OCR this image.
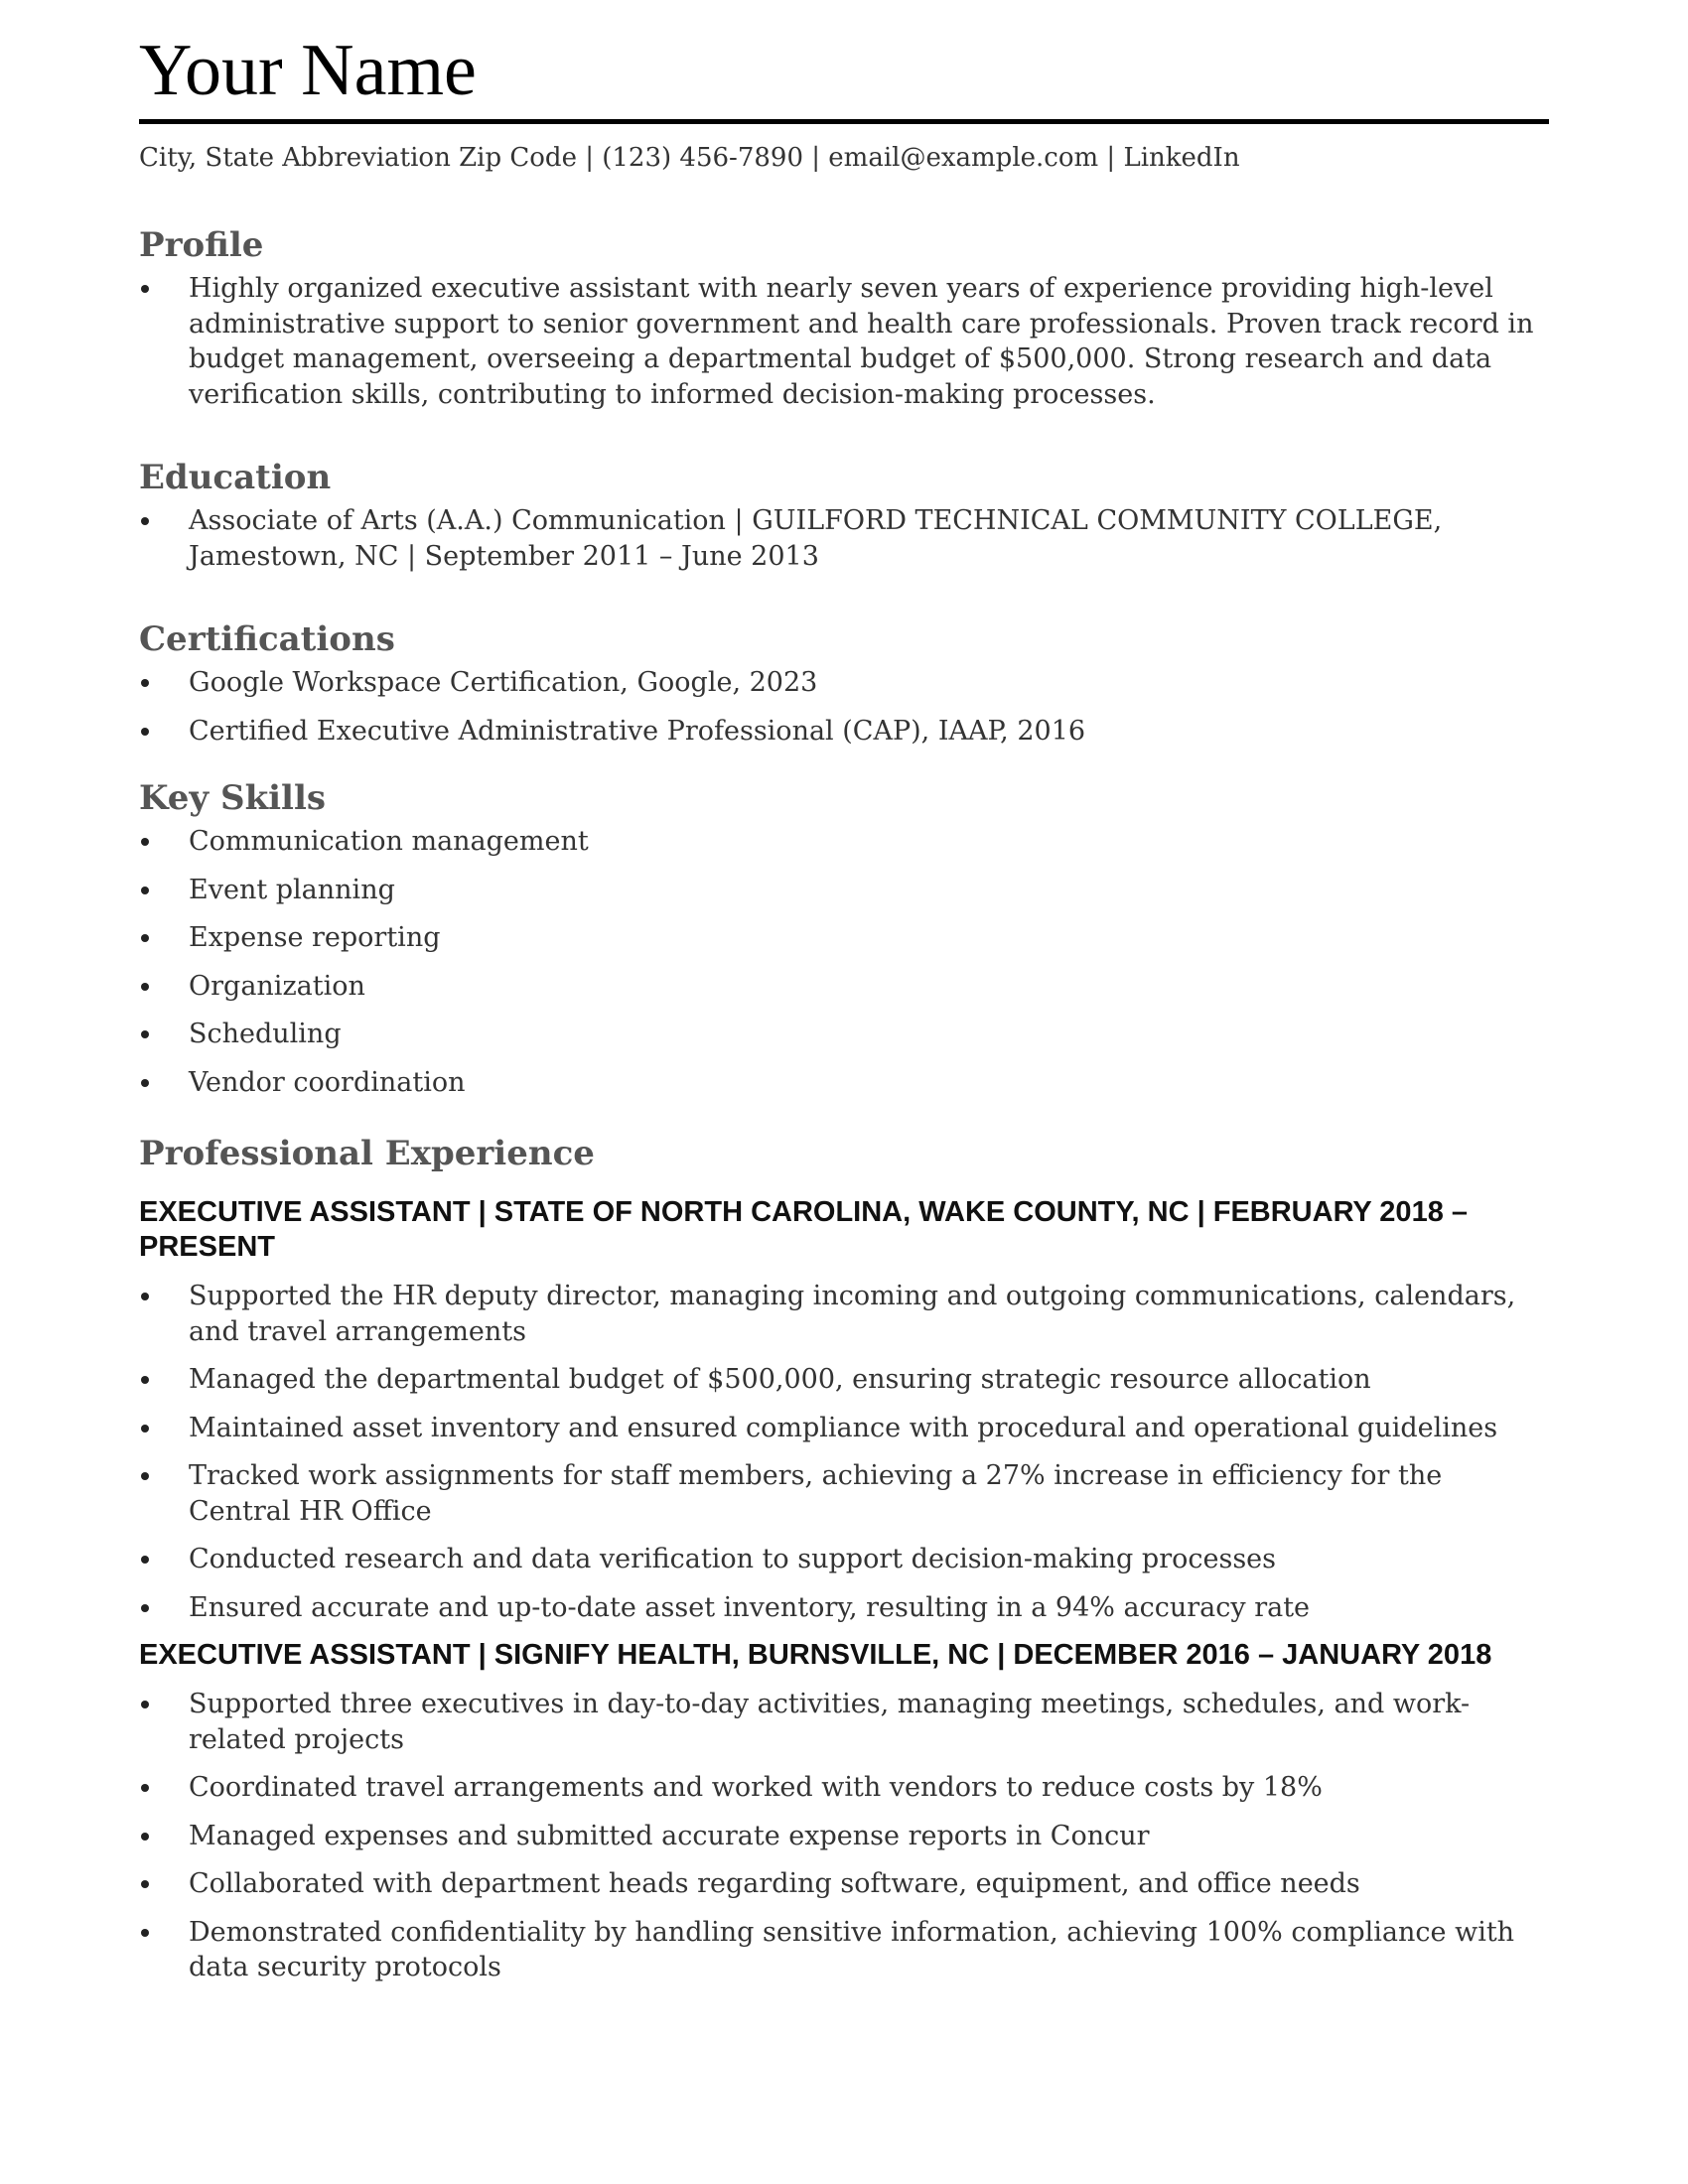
Your Name
City, State Abbreviation Zip Code | (123) 456-7890 | email@example.com | LinkedIn
Profile
Highly organized executive assistant with nearly seven years of experience providing high-level administrative support to senior government and health care professionals. Proven track record in budget management, overseeing a departmental budget of $500,000. Strong research and data verification skills, contributing to informed decision-making processes.
Education
Associate of Arts (A.A.) Communication | GUILFORD TECHNICAL COMMUNITY COLLEGE, Jamestown, NC | September 2011 – June 2013
Certifications
Google Workspace Certification, Google, 2023
Certified Executive Administrative Professional (CAP), IAAP, 2016
Key Skills
Communication management
Event planning
Expense reporting
Organization
Scheduling
Vendor coordination
Professional Experience
EXECUTIVE ASSISTANT | STATE OF NORTH CAROLINA, WAKE COUNTY, NC | FEBRUARY 2018 – PRESENT
Supported the HR deputy director, managing incoming and outgoing communications, calendars, and travel arrangements
Managed the departmental budget of $500,000, ensuring strategic resource allocation
Maintained asset inventory and ensured compliance with procedural and operational guidelines
Tracked work assignments for staff members, achieving a 27% increase in efficiency for the Central HR Office
Conducted research and data verification to support decision-making processes
Ensured accurate and up-to-date asset inventory, resulting in a 94% accuracy rate
EXECUTIVE ASSISTANT | SIGNIFY HEALTH, BURNSVILLE, NC | DECEMBER 2016 – JANUARY 2018
Supported three executives in day-to-day activities, managing meetings, schedules, and work-related projects
Coordinated travel arrangements and worked with vendors to reduce costs by 18%
Managed expenses and submitted accurate expense reports in Concur
Collaborated with department heads regarding software, equipment, and office needs
Demonstrated confidentiality by handling sensitive information, achieving 100% compliance with data security protocols
